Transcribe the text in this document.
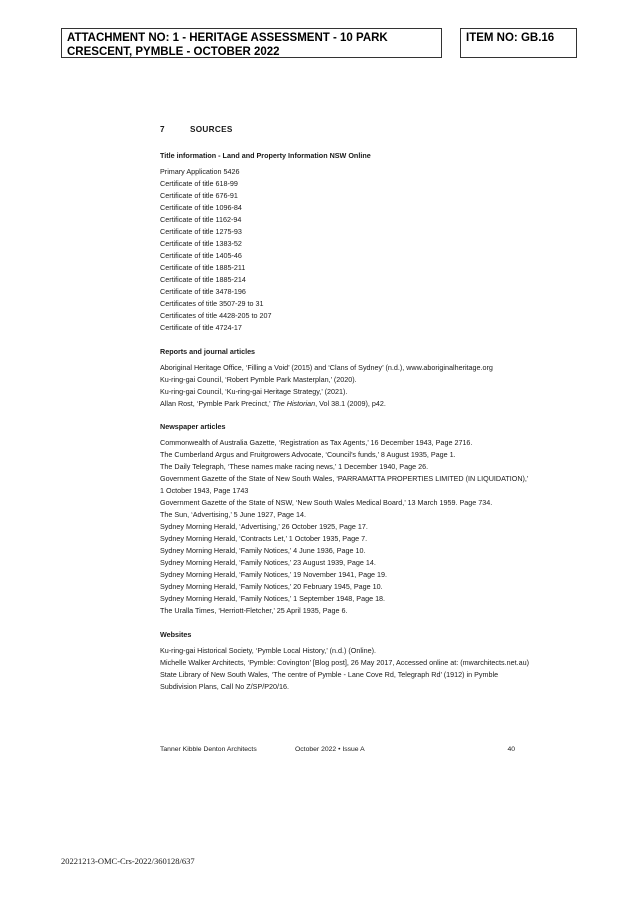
ATTACHMENT NO: 1 - HERITAGE ASSESSMENT - 10 PARK CRESCENT, PYMBLE - OCTOBER 2022
ITEM NO: GB.16
7	SOURCES
Title information - Land and Property Information NSW Online
Primary Application 5426
Certificate of title 618-99
Certificate of title 676-91
Certificate of title 1096-84
Certificate of title 1162-94
Certificate of title 1275-93
Certificate of title 1383-52
Certificate of title 1405-46
Certificate of title 1885-211
Certificate of title 1885-214
Certificate of title 3478-196
Certificates of title 3507-29 to 31
Certificates of title 4428-205 to 207
Certificate of title 4724-17
Reports and journal articles
Aboriginal Heritage Office, ‘Filling a Void’ (2015) and ‘Clans of Sydney’ (n.d.), www.aboriginalheritage.org
Ku-ring-gai Council, ‘Robert Pymble Park Masterplan,’ (2020).
Ku-ring-gai Council, ‘Ku-ring-gai Heritage Strategy,’ (2021).
Allan Rost, ‘Pymble Park Precinct,’ The Historian, Vol 38.1 (2009), p42.
Newspaper articles
Commonwealth of Australia Gazette, ‘Registration as Tax Agents,’ 16 December 1943, Page 2716.
The Cumberland Argus and Fruitgrowers Advocate, ‘Council’s funds,’ 8 August 1935, Page 1.
The Daily Telegraph, ‘These names make racing news,’ 1 December 1940, Page 26.
Government Gazette of the State of New South Wales, ‘PARRAMATTA PROPERTIES LIMITED (IN LIQUIDATION),’ 1 October 1943, Page 1743
Government Gazette of the State of NSW, ‘New South Wales Medical Board,’ 13 March 1959. Page 734.
The Sun, ‘Advertising,’ 5 June 1927, Page 14.
Sydney Morning Herald, ‘Advertising,’ 26 October 1925, Page 17.
Sydney Morning Herald, ‘Contracts Let,’ 1 October 1935, Page 7.
Sydney Morning Herald, ‘Family Notices,’ 4 June 1936, Page 10.
Sydney Morning Herald, ‘Family Notices,’ 23 August 1939, Page 14.
Sydney Morning Herald, ‘Family Notices,’ 19 November 1941, Page 19.
Sydney Morning Herald, ‘Family Notices,’ 20 February 1945, Page 10.
Sydney Morning Herald, ‘Family Notices,’ 1 September 1948, Page 18.
The Uralla Times, ‘Herriott-Fletcher,’ 25 April 1935, Page 6.
Websites
Ku-ring-gai Historical Society, ‘Pymble Local History,’ (n.d.) (Online).
Michelle Walker Architects, ‘Pymble: Covington’ [Blog post], 26 May 2017, Accessed online at: (mwarchitects.net.au)
State Library of New South Wales, ‘The centre of Pymble - Lane Cove Rd, Telegraph Rd’ (1912) in Pymble Subdivision Plans, Call No Z/SP/P20/16.
Tanner Kibble Denton Architects	October 2022 • Issue A	40
20221213-OMC-Crs-2022/360128/637
